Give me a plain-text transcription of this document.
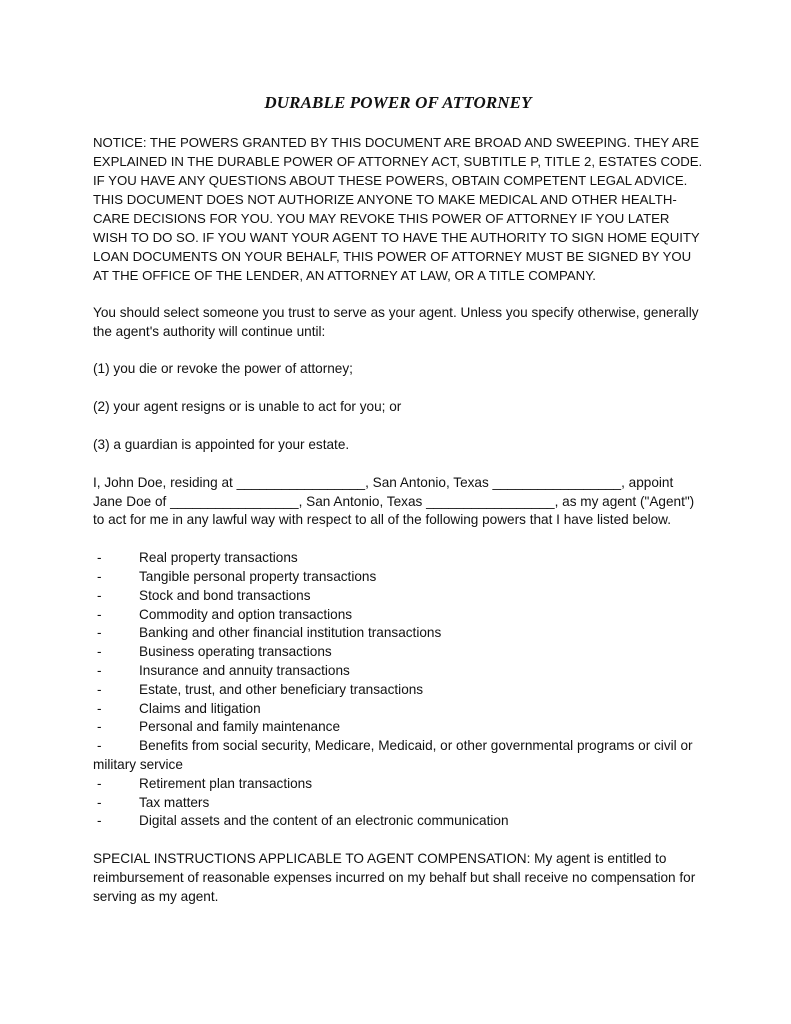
DURABLE POWER OF ATTORNEY

NOTICE: THE POWERS GRANTED BY THIS DOCUMENT ARE BROAD AND SWEEPING. THEY ARE EXPLAINED IN THE DURABLE POWER OF ATTORNEY ACT, SUBTITLE P, TITLE 2, ESTATES CODE. IF YOU HAVE ANY QUESTIONS ABOUT THESE POWERS, OBTAIN COMPETENT LEGAL ADVICE. THIS DOCUMENT DOES NOT AUTHORIZE ANYONE TO MAKE MEDICAL AND OTHER HEALTH-CARE DECISIONS FOR YOU. YOU MAY REVOKE THIS POWER OF ATTORNEY IF YOU LATER WISH TO DO SO. IF YOU WANT YOUR AGENT TO HAVE THE AUTHORITY TO SIGN HOME EQUITY LOAN DOCUMENTS ON YOUR BEHALF, THIS POWER OF ATTORNEY MUST BE SIGNED BY YOU AT THE OFFICE OF THE LENDER, AN ATTORNEY AT LAW, OR A TITLE COMPANY.

You should select someone you trust to serve as your agent. Unless you specify otherwise, generally the agent's authority will continue until:

(1) you die or revoke the power of attorney;

(2) your agent resigns or is unable to act for you; or

(3) a guardian is appointed for your estate.

I, John Doe, residing at _________________, San Antonio, Texas _________________, appoint Jane Doe of _________________, San Antonio, Texas _________________, as my agent ("Agent") to act for me in any lawful way with respect to all of the following powers that I have listed below.

-	Real property transactions
-	Tangible personal property transactions
-	Stock and bond transactions
-	Commodity and option transactions
-	Banking and other financial institution transactions
-	Business operating transactions
-	Insurance and annuity transactions
-	Estate, trust, and other beneficiary transactions
-	Claims and litigation
-	Personal and family maintenance
-	Benefits from social security, Medicare, Medicaid, or other governmental programs or civil or military service
-	Retirement plan transactions
-	Tax matters
-	Digital assets and the content of an electronic communication

SPECIAL INSTRUCTIONS APPLICABLE TO AGENT COMPENSATION: My agent is entitled to reimbursement of reasonable expenses incurred on my behalf but shall receive no compensation for serving as my agent.
